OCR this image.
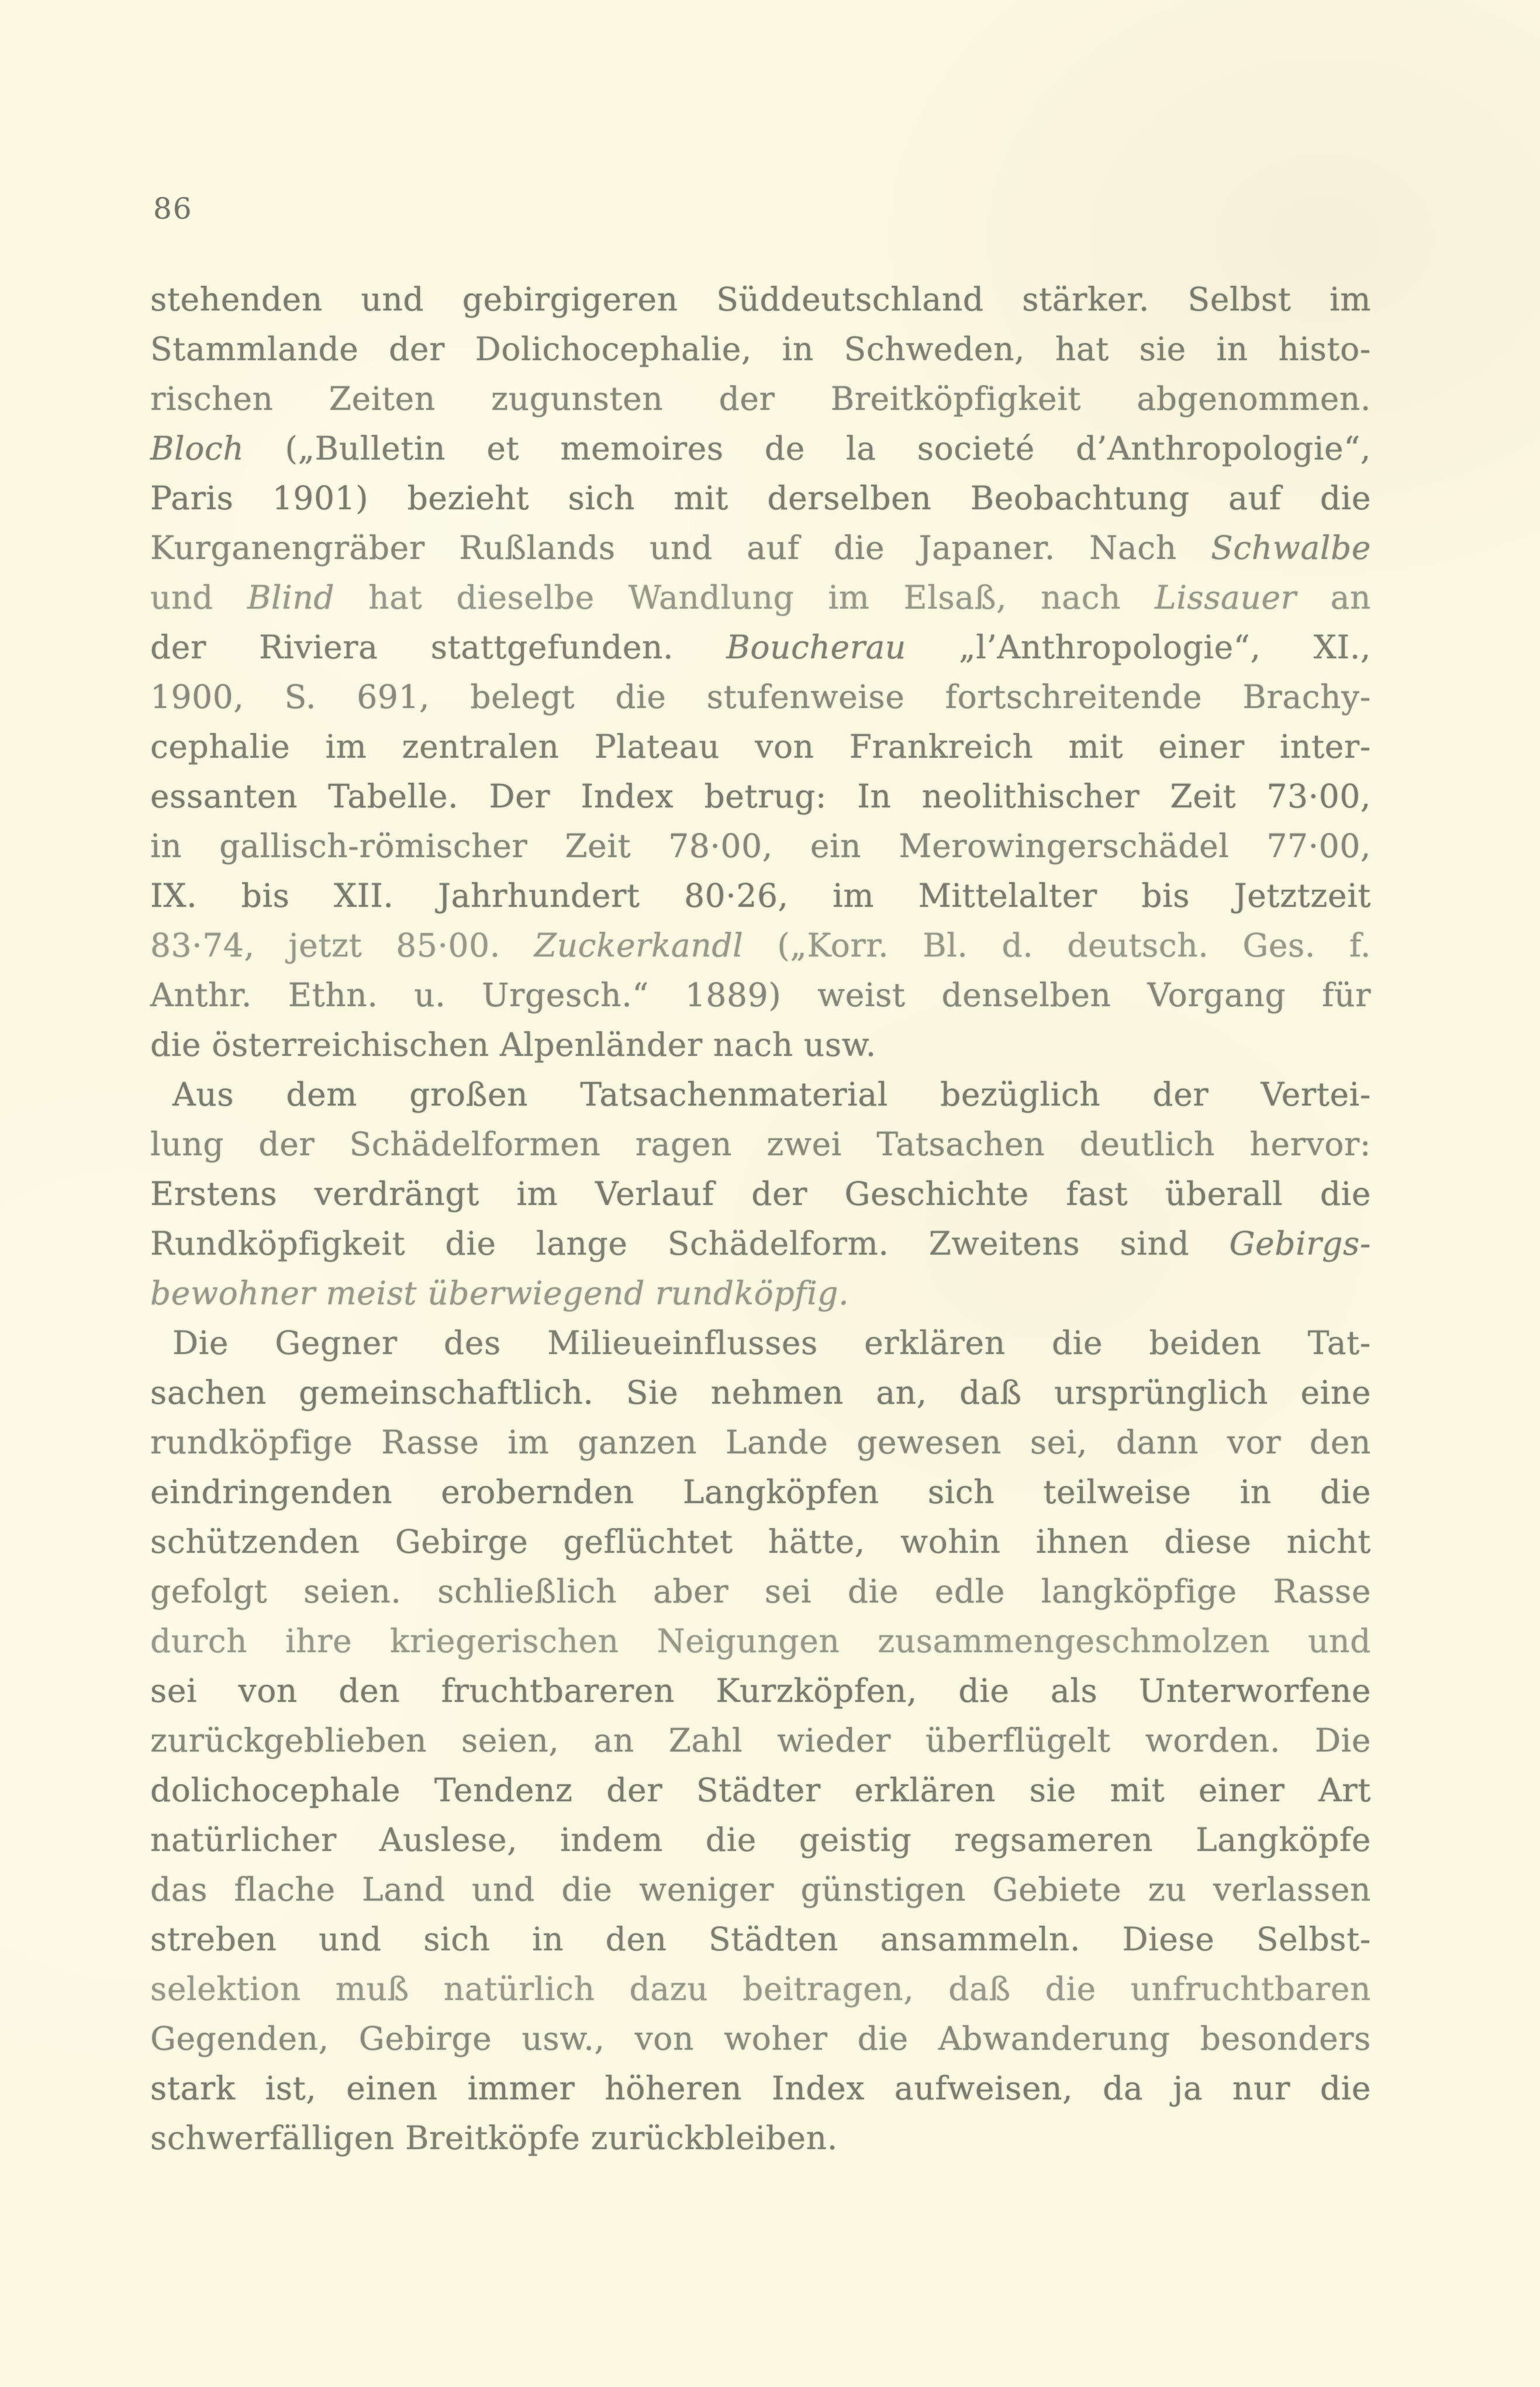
86
stehenden und gebirgigeren Süddeutschland stärker. Selbst im
Stammlande der Dolichocephalie, in Schweden, hat sie in histo-
rischen Zeiten zugunsten der Breitköpfigkeit abgenommen.
Bloch („Bulletin et memoires de la societé d’Anthropologie“,
Paris 1901) bezieht sich mit derselben Beobachtung auf die
Kurganengräber Rußlands und auf die Japaner. Nach Schwalbe
und Blind hat dieselbe Wandlung im Elsaß, nach Lissauer an
der Riviera stattgefunden. Boucherau „l’Anthropologie“, XI.,
1900, S. 691, belegt die stufenweise fortschreitende Brachy-
cephalie im zentralen Plateau von Frankreich mit einer inter-
essanten Tabelle. Der Index betrug: In neolithischer Zeit 73·00,
in gallisch-römischer Zeit 78·00, ein Merowingerschädel 77·00,
IX. bis XII. Jahrhundert 80·26, im Mittelalter bis Jetztzeit
83·74, jetzt 85·00. Zuckerkandl („Korr. Bl. d. deutsch. Ges. f.
Anthr. Ethn. u. Urgesch.“ 1889) weist denselben Vorgang für
die österreichischen Alpenländer nach usw.
Aus dem großen Tatsachenmaterial bezüglich der Vertei-
lung der Schädelformen ragen zwei Tatsachen deutlich hervor:
Erstens verdrängt im Verlauf der Geschichte fast überall die
Rundköpfigkeit die lange Schädelform. Zweitens sind Gebirgs-
bewohner meist überwiegend rundköpfig.
Die Gegner des Milieueinflusses erklären die beiden Tat-
sachen gemeinschaftlich. Sie nehmen an, daß ursprünglich eine
rundköpfige Rasse im ganzen Lande gewesen sei, dann vor den
eindringenden erobernden Langköpfen sich teilweise in die
schützenden Gebirge geflüchtet hätte, wohin ihnen diese nicht
gefolgt seien. schließlich aber sei die edle langköpfige Rasse
durch ihre kriegerischen Neigungen zusammengeschmolzen und
sei von den fruchtbareren Kurzköpfen, die als Unterworfene
zurückgeblieben seien, an Zahl wieder überflügelt worden. Die
dolichocephale Tendenz der Städter erklären sie mit einer Art
natürlicher Auslese, indem die geistig regsameren Langköpfe
das flache Land und die weniger günstigen Gebiete zu verlassen
streben und sich in den Städten ansammeln. Diese Selbst-
selektion muß natürlich dazu beitragen, daß die unfruchtbaren
Gegenden, Gebirge usw., von woher die Abwanderung besonders
stark ist, einen immer höheren Index aufweisen, da ja nur die
schwerfälligen Breitköpfe zurückbleiben.
